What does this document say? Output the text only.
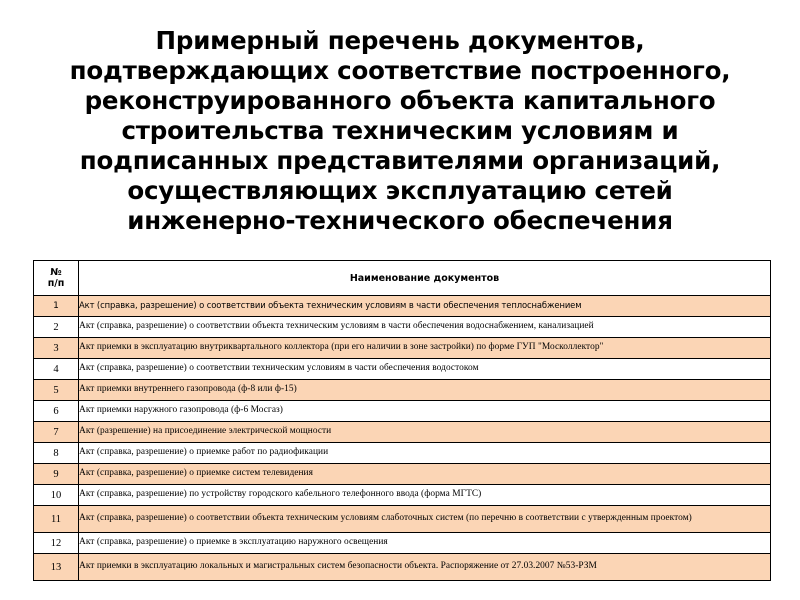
Примерный перечень документов,
подтверждающих соответствие построенного,
реконструированного объекта капитального
строительства техническим условиям и
подписанных представителями организаций,
осуществляющих эксплуатацию сетей
инженерно-технического обеспечения
№
п/п	Наименование документов
1	Акт (справка, разрешение) о соответствии объекта техническим условиям в части обеспечения теплоснабжением
2	Акт (справка, разрешение) о соответствии объекта техническим условиям в части обеспечения водоснабжением, канализацией
3	Акт приемки в эксплуатацию внутриквартального коллектора (при его наличии в зоне застройки) по форме ГУП "Москоллектор"
4	Акт (справка, разрешение) о соответствии техническим условиям в части обеспечения водостоком
5	Акт приемки внутреннего газопровода (ф-8 или ф-15)
6	Акт приемки наружного газопровода (ф-6 Мосгаз)
7	Акт (разрешение) на присоединение электрической мощности
8	Акт (справка, разрешение) о приемке работ по радиофикации
9	Акт (справка, разрешение) о приемке систем телевидения
10	Акт (справка, разрешение) по устройству городского кабельного телефонного ввода (форма МГТС)
11	Акт (справка, разрешение) о соответствии объекта техническим условиям слаботочных систем (по перечню в соответствии с утвержденным проектом)
12	Акт (справка, разрешение) о приемке в эксплуатацию наружного освещения
13	Акт приемки в эксплуатацию локальных и магистральных систем безопасности объекта. Распоряжение от 27.03.2007 №53-РЗМ
